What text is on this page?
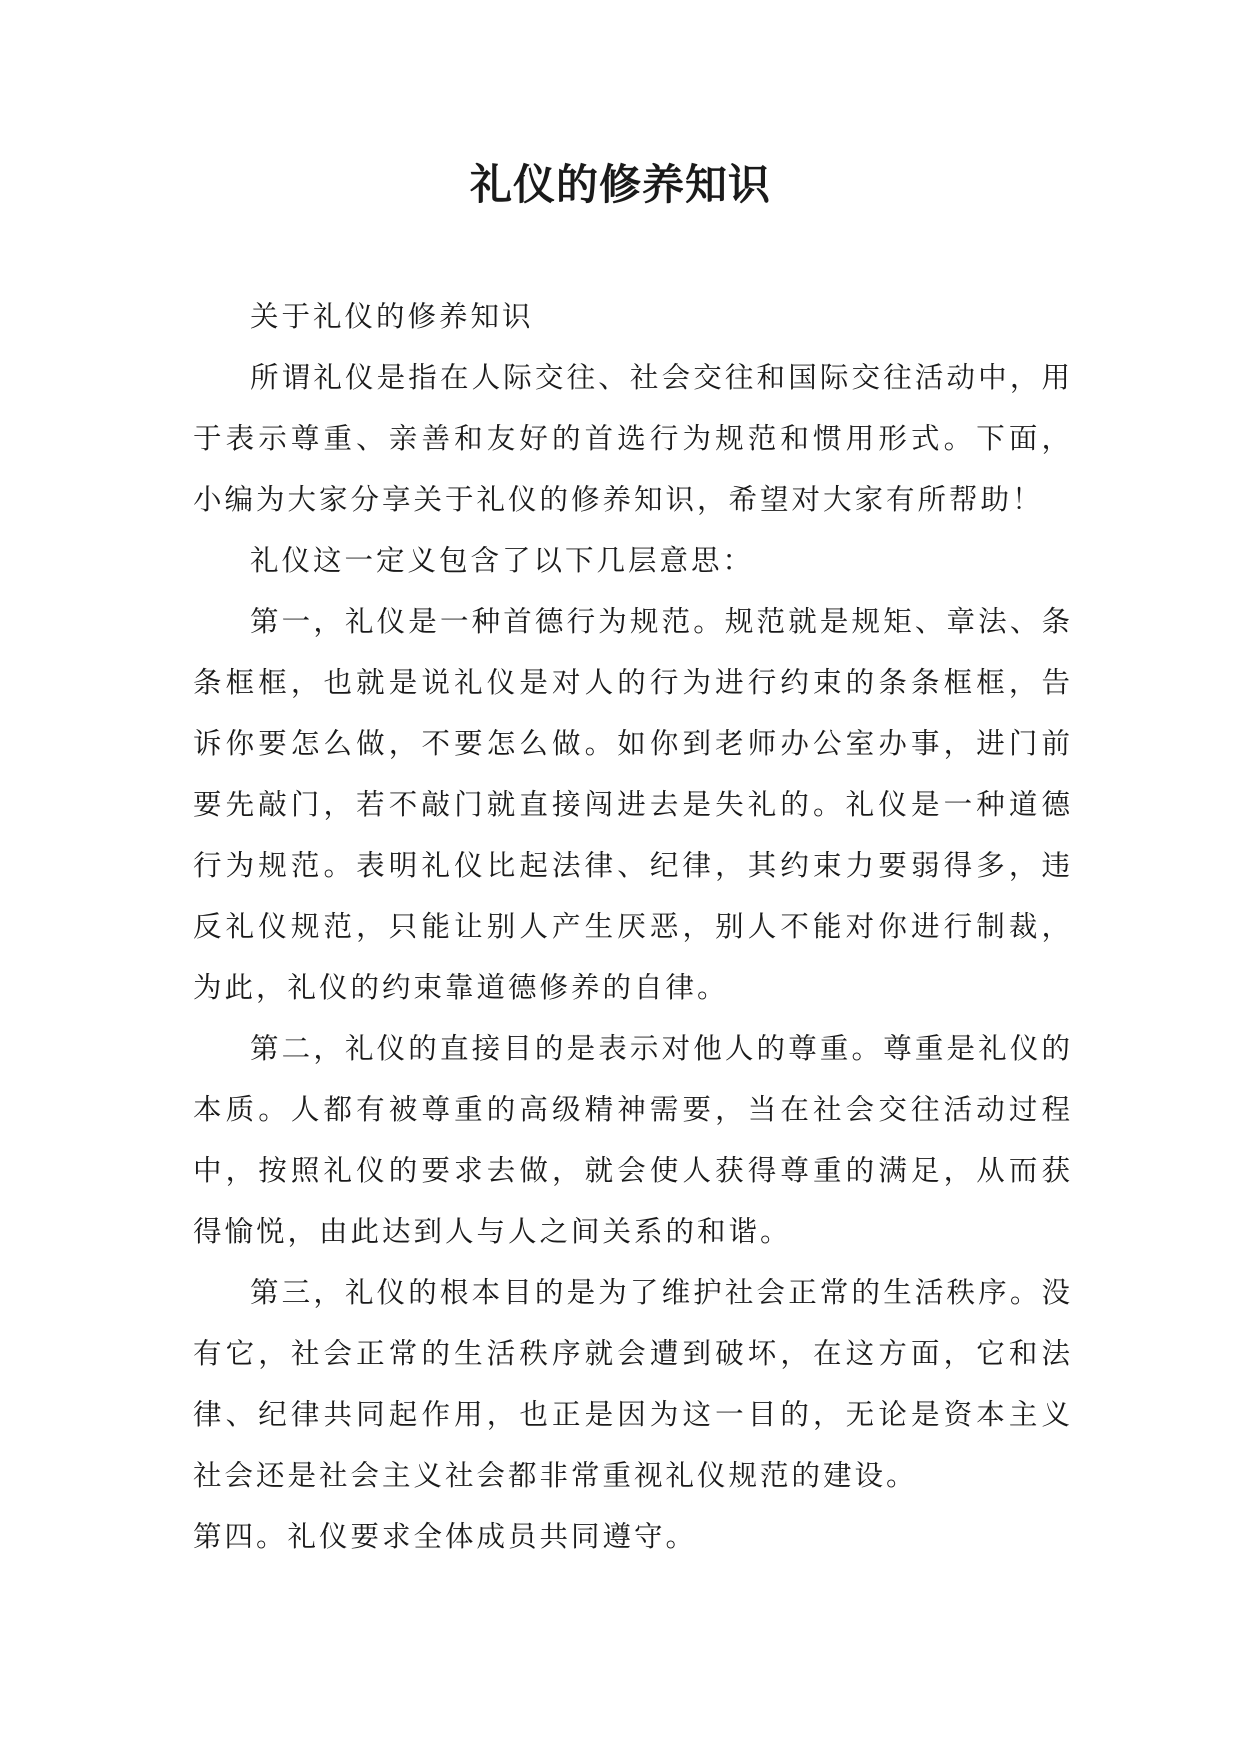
礼仪的修养知识

关于礼仪的修养知识

所谓礼仪是指在人际交往、社会交往和国际交往活动中，用于表示尊重、亲善和友好的首选行为规范和惯用形式。下面，小编为大家分享关于礼仪的修养知识，希望对大家有所帮助！

礼仪这一定义包含了以下几层意思：

第一，礼仪是一种首德行为规范。规范就是规矩、章法、条条框框，也就是说礼仪是对人的行为进行约束的条条框框，告诉你要怎么做，不要怎么做。如你到老师办公室办事，进门前要先敲门，若不敲门就直接闯进去是失礼的。礼仪是一种道德行为规范。表明礼仪比起法律、纪律，其约束力要弱得多，违反礼仪规范，只能让别人产生厌恶，别人不能对你进行制裁，为此，礼仪的约束靠道德修养的自律。

第二，礼仪的直接目的是表示对他人的尊重。尊重是礼仪的本质。人都有被尊重的高级精神需要，当在社会交往活动过程中，按照礼仪的要求去做，就会使人获得尊重的满足，从而获得愉悦，由此达到人与人之间关系的和谐。

第三，礼仪的根本目的是为了维护社会正常的生活秩序。没有它，社会正常的生活秩序就会遭到破坏，在这方面，它和法律、纪律共同起作用，也正是因为这一目的，无论是资本主义社会还是社会主义社会都非常重视礼仪规范的建设。

第四。礼仪要求全体成员共同遵守。
